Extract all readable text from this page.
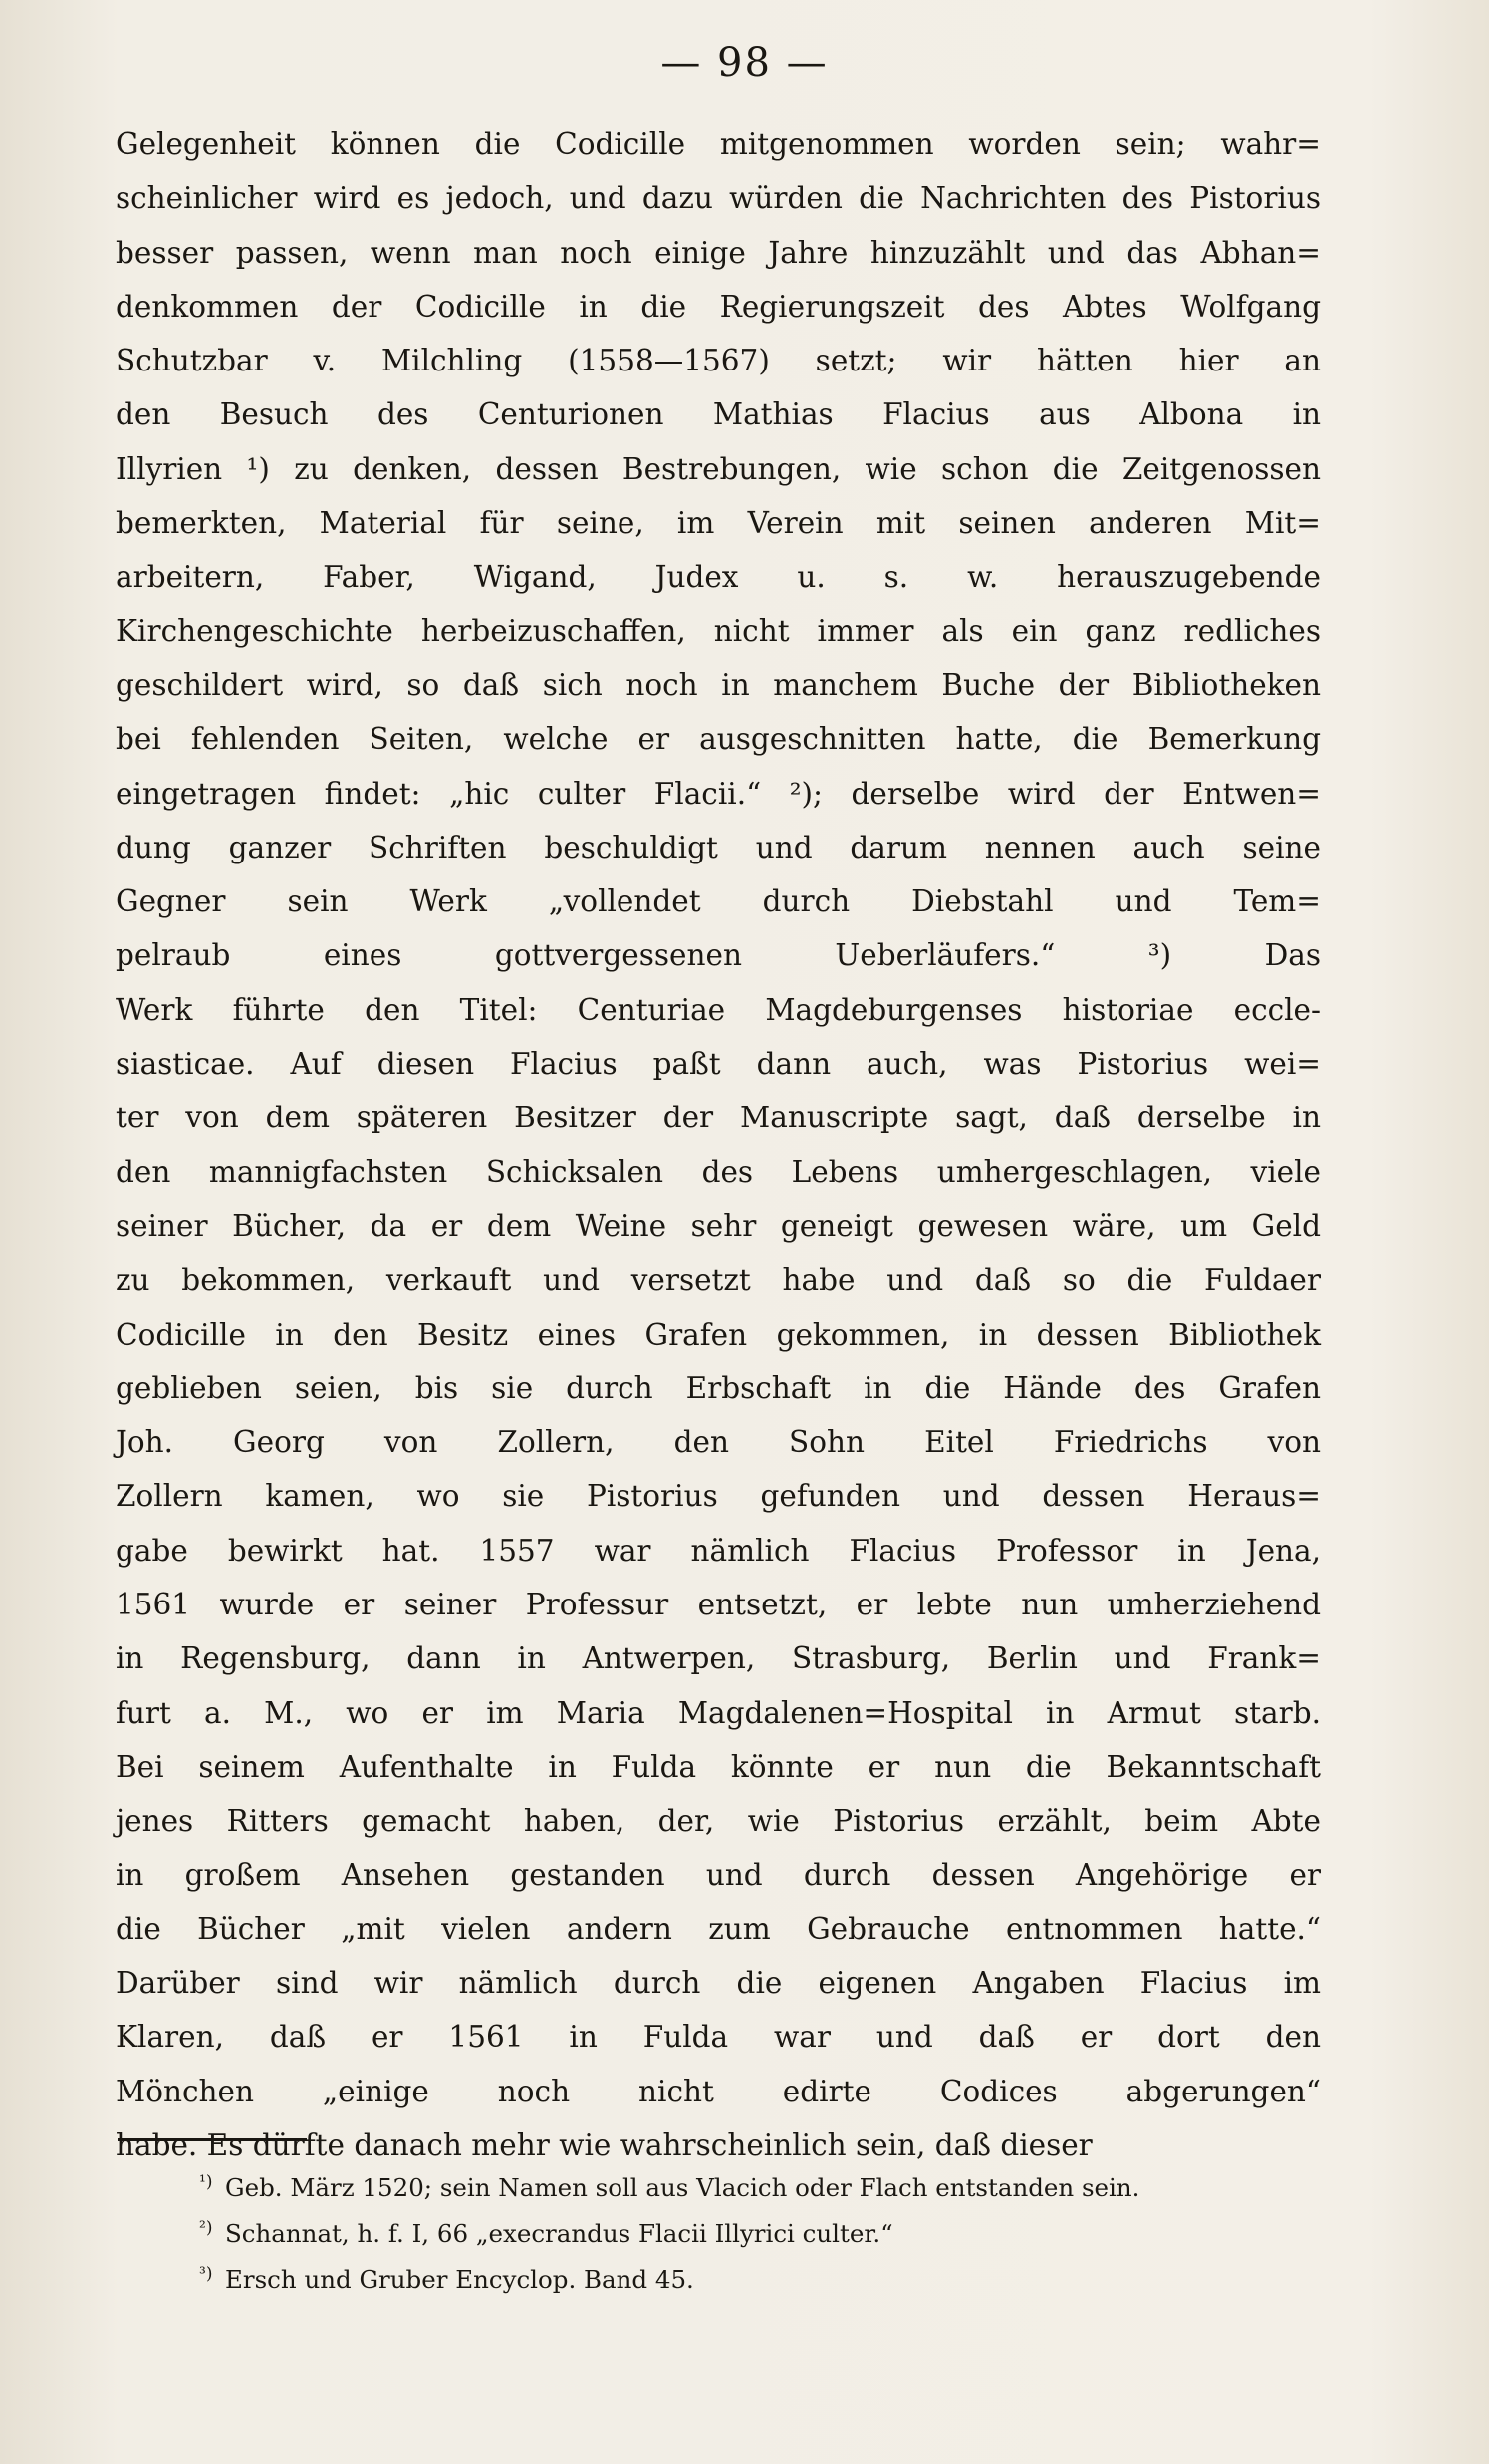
— 98 —
Gelegenheit können die Codicille mitgenommen worden sein; wahr=
scheinlicher wird es jedoch, und dazu würden die Nachrichten des Pistorius
besser passen, wenn man noch einige Jahre hinzuzählt und das Abhan=
denkommen der Codicille in die Regierungszeit des Abtes Wolfgang
Schutzbar v. Milchling (1558—1567) setzt; wir hätten hier an
den Besuch des Centurionen Mathias Flacius aus Albona in
Illyrien ¹) zu denken, dessen Bestrebungen, wie schon die Zeitgenossen
bemerkten, Material für seine, im Verein mit seinen anderen Mit=
arbeitern, Faber, Wigand, Judex u. s. w. herauszugebende
Kirchengeschichte herbeizuschaffen, nicht immer als ein ganz redliches
geschildert wird, so daß sich noch in manchem Buche der Bibliotheken
bei fehlenden Seiten, welche er ausgeschnitten hatte, die Bemerkung
eingetragen findet: „hic culter Flacii.“ ²); derselbe wird der Entwen=
dung ganzer Schriften beschuldigt und darum nennen auch seine
Gegner sein Werk „vollendet durch Diebstahl und Tem=
pelraub eines gottvergessenen Ueberläufers.“ ³) Das
Werk führte den Titel: Centuriae Magdeburgenses historiae eccle-
siasticae. Auf diesen Flacius paßt dann auch, was Pistorius wei=
ter von dem späteren Besitzer der Manuscripte sagt, daß derselbe in
den mannigfachsten Schicksalen des Lebens umhergeschlagen, viele
seiner Bücher, da er dem Weine sehr geneigt gewesen wäre, um Geld
zu bekommen, verkauft und versetzt habe und daß so die Fuldaer
Codicille in den Besitz eines Grafen gekommen, in dessen Bibliothek
geblieben seien, bis sie durch Erbschaft in die Hände des Grafen
Joh. Georg von Zollern, den Sohn Eitel Friedrichs von
Zollern kamen, wo sie Pistorius gefunden und dessen Heraus=
gabe bewirkt hat. 1557 war nämlich Flacius Professor in Jena,
1561 wurde er seiner Professur entsetzt, er lebte nun umherziehend
in Regensburg, dann in Antwerpen, Strasburg, Berlin und Frank=
furt a. M., wo er im Maria Magdalenen=Hospital in Armut starb.
Bei seinem Aufenthalte in Fulda könnte er nun die Bekanntschaft
jenes Ritters gemacht haben, der, wie Pistorius erzählt, beim Abte
in großem Ansehen gestanden und durch dessen Angehörige er
die Bücher „mit vielen andern zum Gebrauche entnommen hatte.“
Darüber sind wir nämlich durch die eigenen Angaben Flacius im
Klaren, daß er 1561 in Fulda war und daß er dort den
Mönchen „einige noch nicht edirte Codices abgerungen“
habe. Es dürfte danach mehr wie wahrscheinlich sein, daß dieser
¹) Geb. März 1520; sein Namen soll aus Vlacich oder Flach entstanden sein.
²) Schannat, h. f. I, 66 „execrandus Flacii Illyrici culter.“
³) Ersch und Gruber Encyclop. Band 45.
